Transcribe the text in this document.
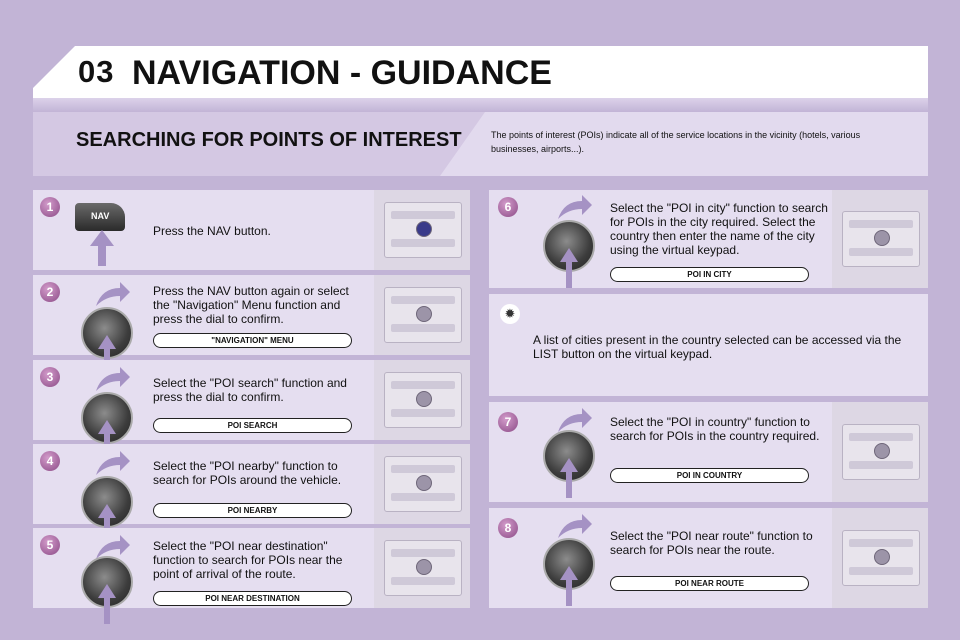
03 NAVIGATION - GUIDANCE
SEARCHING FOR POINTS OF INTEREST	The points of interest (POIs) indicate all of the service locations in the vicinity (hotels, various businesses, airports...).
1
NAV
Press the NAV button.
2	Press the NAV button again or select the "Navigation" Menu function and press the dial to confirm.
"NAVIGATION" MENU
3	Select the "POI search" function and press the dial to confirm.
POI SEARCH
4	Select the "POI nearby" function to search for POIs around the vehicle.
POI NEARBY
5	Select the "POI near destination" function to search for POIs near the point of arrival of the route.
POI NEAR DESTINATION
6	Select the "POI in city" function to search for POIs in the city required. Select the country then enter the name of the city using the virtual keypad.
POI IN CITY
✹
A list of cities present in the country selected can be accessed via the LIST button on the virtual keypad.
7	Select the "POI in country" function to search for POIs in the country required.
POI IN COUNTRY
8
Select the "POI near route" function to search for POIs near the route.
POI NEAR ROUTE
